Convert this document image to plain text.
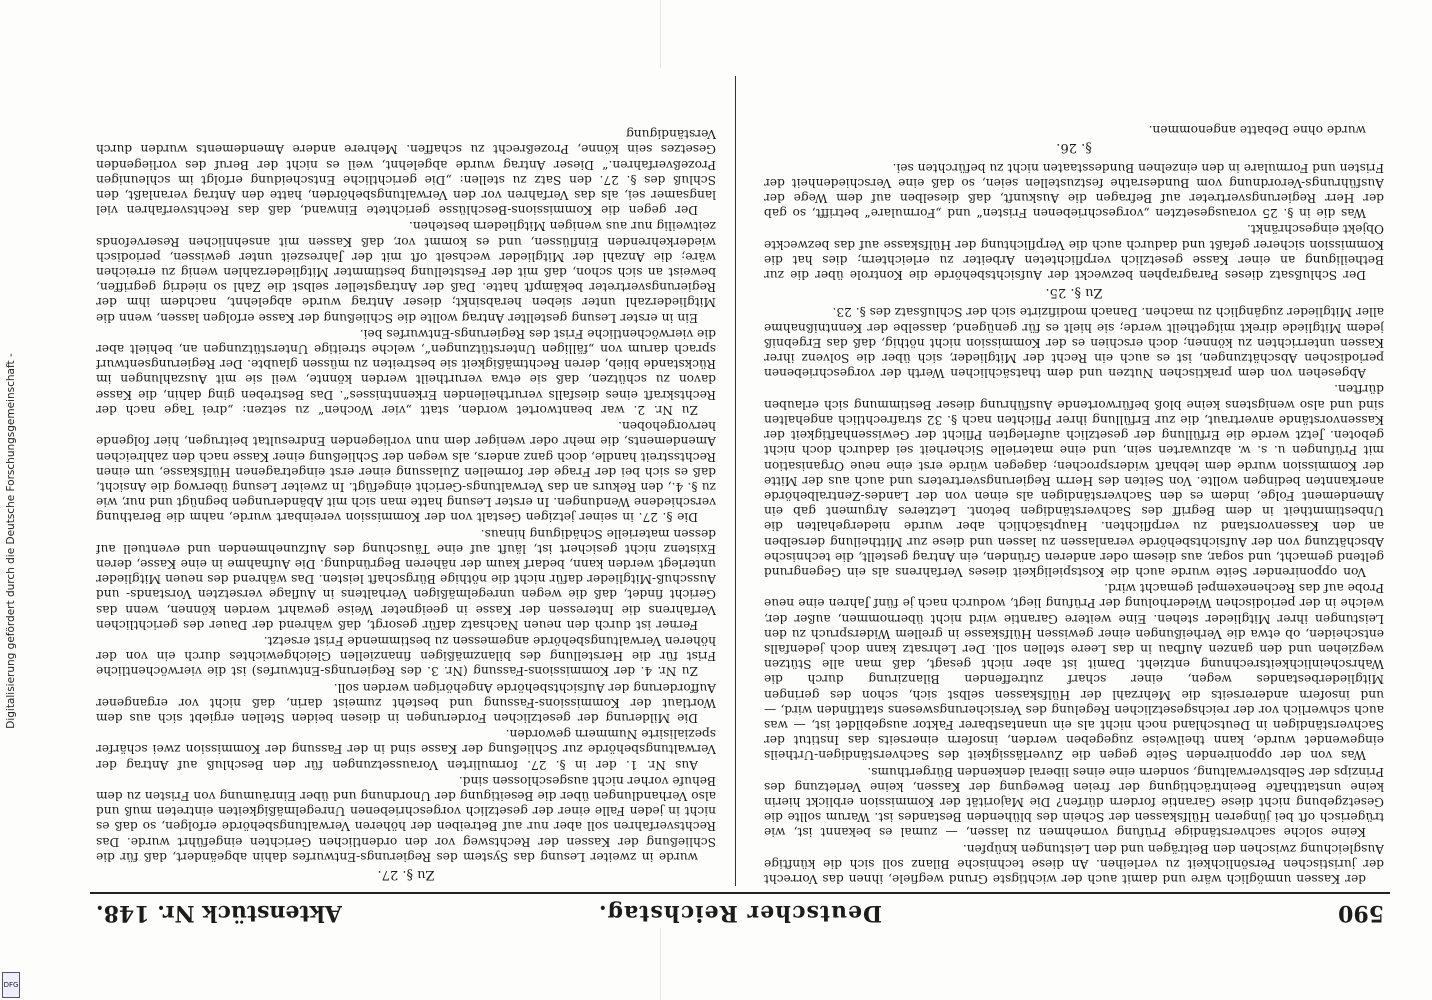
Digitalisierung gefördert durch die Deutsche Forschungsgemeinschaft -
DFG
590
Deutscher Reichstag.
Aktenstück Nr. 148.

der Kassen unmöglich wäre und damit auch der wichtigste Grund wegfiele, ihnen das Vorrecht der juristischen Persönlichkeit zu verleihen. An diese technische Bilanz soll sich die künftige Ausgleichung zwischen den Beiträgen und den Leistungen knüpfen.

Keine solche sachverständige Prüfung vornehmen zu lassen, — zumal es bekannt ist, wie trügerisch oft bei jüngeren Hülfskassen der Schein des blühenden Bestandes ist. Warum sollte die Gesetzgebung nicht diese Garantie fordern dürfen? Die Majorität der Kommission erblickt hierin keine unstatthafte Beeinträchtigung der freien Bewegung der Kassen, keine Verletzung des Prinzips der Selbstverwaltung, sondern eine eines liberal denkenden Bürgerthums.

Was von der opponirenden Seite gegen die Zuverlässigkeit des Sachverständigen-Urtheils eingewendet wurde, kann theilweise zugegeben werden, insofern einerseits das Institut der Sachverständigen in Deutschland noch nicht als ein unantastbarer Faktor ausgebildet ist, — was auch schwerlich vor der reichsgesetzlichen Regelung des Versicherungswesens stattfinden wird, — und insofern andererseits die Mehrzahl der Hülfskassen selbst sich, schon des geringen Mitgliederbestandes wegen, einer scharf zutreffenden Bilanzirung durch die Wahrscheinlichkeitsrechnung entzieht. Damit ist aber nicht gesagt, daß man alle Stützen wegziehen und den ganzen Aufbau in das Leere stellen soll. Der Lehrsatz kann doch jedenfalls entscheiden, ob etwa die Verheißungen einer gewissen Hülfskasse in grellem Widerspruch zu den Leistungen ihrer Mitglieder stehen. Eine weitere Garantie wird nicht übernommen, außer der, welche in der periodischen Wiederholung der Prüfung liegt, wodurch nach je fünf Jahren eine neue Probe auf das Rechenexempel gemacht wird.

Von opponirender Seite wurde auch die Kostspieligkeit dieses Verfahrens als ein Gegengrund geltend gemacht, und sogar, aus diesem oder anderen Gründen, ein Antrag gestellt, die technische Abschätzung von der Aufsichtsbehörde veranlassen zu lassen und diese zur Mittheilung derselben an den Kassenvorstand zu verpflichten. Hauptsächlich aber wurde niedergehalten die Unbestimmtheit in dem Begriff des Sachverständigen betont. Letzteres Argument gab ein Amendement Folge, indem es den Sachverständigen als einen von der Landes-Zentralbehörde anerkannten bedingen wollte. Von Seiten des Herrn Regierungsvertreters und auch aus der Mitte der Kommission wurde dem lebhaft widersprochen; dagegen würde erst eine neue Organisation mit Prüfungen u. s. w. abzuwarten sein, und eine materielle Sicherheit sei dadurch doch nicht geboten. Jetzt werde die Erfüllung der gesetzlich auferlegten Pflicht der Gewissenhaftigkeit der Kassenvorstände anvertraut, die zur Erfüllung ihrer Pflichten nach §. 32 strafrechtlich angehalten sind und also wenigstens keine bloß befürwortende Ausführung dieser Bestimmung sich erlauben dürften.

Abgesehen von dem praktischen Nutzen und dem thatsächlichen Werth der vorgeschriebenen periodischen Abschätzungen, ist es auch ein Recht der Mitglieder, sich über die Solvenz ihrer Kassen unterrichten zu können; doch erschien es der Kommission nicht nöthig, daß das Ergebniß jedem Mitgliede direkt mitgetheilt werde; sie hielt es für genügend, dasselbe der Kenntnißnahme aller Mitglieder zugänglich zu machen. Danach modifizirte sich der Schlußsatz des §. 23.

Zu §. 25.

Der Schlußsatz dieses Paragraphen bezweckt der Aufsichtsbehörde die Kontrole über die zur Betheiligung an einer Kasse gesetzlich verpflichteten Arbeiter zu erleichtern; dies hat die Kommission sicherer gefaßt und dadurch auch die Verpflichtung der Hülfskasse auf das bezweckte Objekt eingeschränkt.

Was die in §. 25 vorausgesetzten „vorgeschriebenen Fristen“ und „Formulare“ betrifft, so gab der Herr Regierungsvertreter auf Befragen die Auskunft, daß dieselben auf dem Wege der Ausführungs-Verordnung vom Bundesrathe festzustellen seien, so daß eine Verschiedenheit der Fristen und Formulare in den einzelnen Bundesstaaten nicht zu befürchten sei.

§. 26.

wurde ohne Debatte angenommen.

Zu §. 27.

wurde in zweiter Lesung das System des Regierungs-Entwurfes dahin abgeändert, daß für die Schließung der Kassen der Rechtsweg vor den ordentlichen Gerichten eingeführt wurde. Das Rechtsverfahren soll aber nur auf Betreiben der höheren Verwaltungsbehörde erfolgen, so daß es nicht in jeden Falle einer der gesetzlich vorgeschriebenen Unregelmäßigkeiten eintreten muß und also Verhandlungen über die Beseitigung der Unordnung und über Einräumung von Fristen zu dem Behufe vorher nicht ausgeschlossen sind.

Aus Nr. 1. der in §. 27. formulirten Voraussetzungen für den Beschluß auf Antrag der Verwaltungsbehörde zur Schließung der Kasse sind in der Fassung der Kommission zwei schärfer spezialisirte Nummern geworden.

Die Milderung der gesetzlichen Forderungen in diesen beiden Stellen ergiebt sich aus dem Wortlaut der Kommissions-Fassung und besteht zumeist darin, daß nicht vor ergangener Aufforderung der Aufsichtsbehörde Angehörigen werden soll.

Zu Nr. 4. der Kommissions-Fassung (Nr. 3. des Regierungs-Entwurfes) ist die vierwöchentliche Frist für die Herstellung des bilanzmäßigen finanziellen Gleichgewichtes durch ein von der höheren Verwaltungsbehörde angemessen zu bestimmende Frist ersetzt.

Ferner ist durch den neuen Nachsatz dafür gesorgt, daß während der Dauer des gerichtlichen Verfahrens die Interessen der Kasse in geeigneter Weise gewahrt werden können, wenn das Gericht findet, daß die wegen unregelmäßigen Verhaltens in Auflage versetzten Vorstands- und Ausschuß-Mitglieder dafür nicht die nöthige Bürgschaft leisten. Das während des neuen Mitglieder unterlegt werden kann, bedarf kaum der näheren Begründung. Die Aufnahme in eine Kasse, deren Existenz nicht gesichert ist, läuft auf eine Täuschung des Aufzunehmenden und eventuell auf dessen materielle Schädigung hinaus.

Die §. 27. in seiner jetzigen Gestalt von der Kommission vereinbart wurde, nahm die Berathung verschiedene Wendungen. In erster Lesung hatte man sich mit Abänderungen begnügt und nur, wie zu §. 4., den Rekurs an das Verwaltungs-Gericht eingefügt. In zweiter Lesung überwog die Ansicht, daß es sich bei der Frage der formellen Zulassung einer erst eingetragenen Hülfskasse, um einen Rechtsstreit handle, doch ganz anders, als wegen der Schließung einer Kasse nach den zahlreichen Amendements, die mehr oder weniger dem nun vorliegenden Endresultat beitrugen, hier folgende hervorgehoben.

Zu Nr. 2. war beantwortet worden, statt „vier Wochen“ zu setzen: „drei Tage nach der Rechtskraft eines diesfalls verurtheilenden Erkenntnisses“. Das Bestreben ging dahin, die Kasse davon zu schützen, daß sie etwa verurtheilt werden könnte, weil sie mit Auszahlungen im Rückstande blieb, deren Rechtmäßigkeit sie bestreiten zu müssen glaubte. Der Regierungsentwurf sprach darum von „fälligen Unterstützungen“, welche streitige Unterstützungen an, behielt aber die vierwöchentliche Frist des Regierungs-Entwurfes bei.

Ein in erster Lesung gestellter Antrag wollte die Schließung der Kasse erfolgen lassen, wenn die Mitgliederzahl unter sieben herabsinkt; dieser Antrag wurde abgelehnt, nachdem ihm der Regierungsvertreter bekämpft hatte. Daß der Antragsteller selbst die Zahl so niedrig gegriffen, beweist an sich schon, daß mit der Feststellung bestimmter Mitgliederzahlen wenig zu erreichen wäre; die Anzahl der Mitglieder wechselt oft mit der Jahreszeit unter gewissen, periodisch wiederkehrenden Einflüssen, und es kommt vor, daß Kassen mit ansehnlichen Reservefonds zeitweilig nur aus wenigen Mitgliedern bestehen.

Der gegen die Kommissions-Beschlüsse gerichtete Einwand, daß das Rechtsverfahren viel langsamer sei, als das Verfahren vor den Verwaltungsbehörden, hatte den Antrag veranlaßt, den Schluß des §. 27. den Satz zu stellen: „Die gerichtliche Entscheidung erfolgt im schleunigen Prozeßverfahren.“ Dieser Antrag wurde abgelehnt, weil es nicht der Beruf des vorliegenden Gesetzes sein könne, Prozeßrecht zu schaffen. Mehrere andere Amendements wurden durch Verständigung
